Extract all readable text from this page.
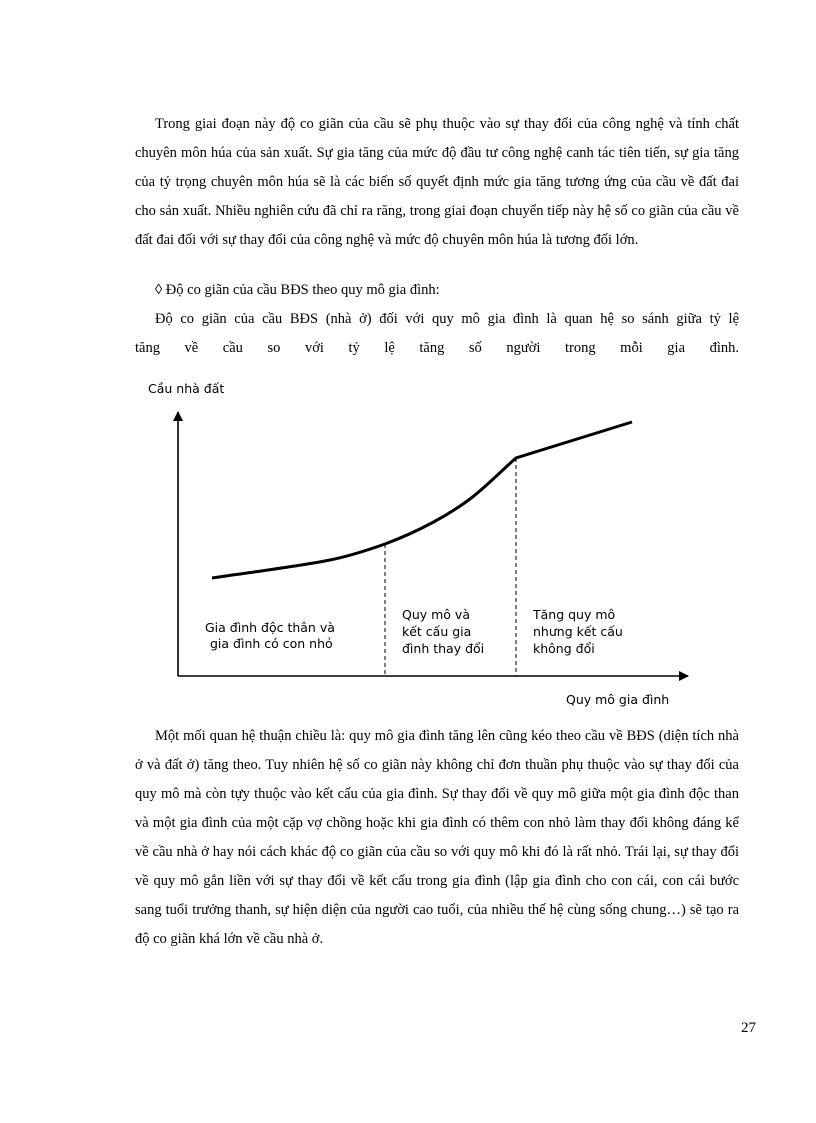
Trong giai đoạn này độ co giãn của cầu sẽ phụ thuộc vào sự thay đổi của công nghệ và tính chất chuyên môn húa của sản xuất. Sự gia tăng của mức độ đầu tư công nghệ canh tác tiên tiến, sự gia tăng của tỷ trọng chuyên môn húa sẽ là các biến số quyết định mức gia tăng tương ứng của cầu về đất đai cho sản xuất. Nhiều nghiên cứu đã chỉ ra răng, trong giai đoạn chuyển tiếp này hệ số co giãn của cầu về đất đai đối với sự thay đổi của công nghệ và mức độ chuyên môn húa là tương đối lớn.

◊ Độ co giãn của cầu BĐS theo quy mô gia đình:

Độ co giãn của cầu BĐS (nhà ở) đối với quy mô gia đình là quan hệ so sánh giữa tỷ lệ

tăng về cầu so với tỷ lệ tăng số người trong mỗi gia đình.

Cầu nhà đất
Quy mô gia đình
Gia đình độc thân và
gia đình có con nhỏ
Quy mô và
kết cấu gia
đình thay đổi
Tăng quy mô
nhưng kết cấu
không đổi

Một mối quan hệ thuận chiều là: quy mô gia đình tăng lên cũng kéo theo cầu về BĐS (diện tích nhà ở và đất ở) tăng theo. Tuy nhiên hệ số co giãn này không chỉ đơn thuần phụ thuộc vào sự thay đổi của quy mô mà còn tựy thuộc vào kết cấu của gia đình. Sự thay đổi về quy mô giữa một gia đình độc than và một gia đình của một cặp vợ chồng hoặc khi gia đình có thêm con nhỏ làm thay đổi không đáng kể về cầu nhà ở hay nói cách khác độ co giãn của cầu so với quy mô khi đó là rất nhỏ. Trái lại, sự thay đổi về quy mô gắn liền với sự thay đổi về kết cấu trong gia đình (lập gia đình cho con cái, con cái bước sang tuổi trưởng thanh, sự hiện diện của người cao tuổi, của nhiều thế hệ cùng sống chung…) sẽ tạo ra độ co giãn khá lớn về cầu nhà ở.

27
